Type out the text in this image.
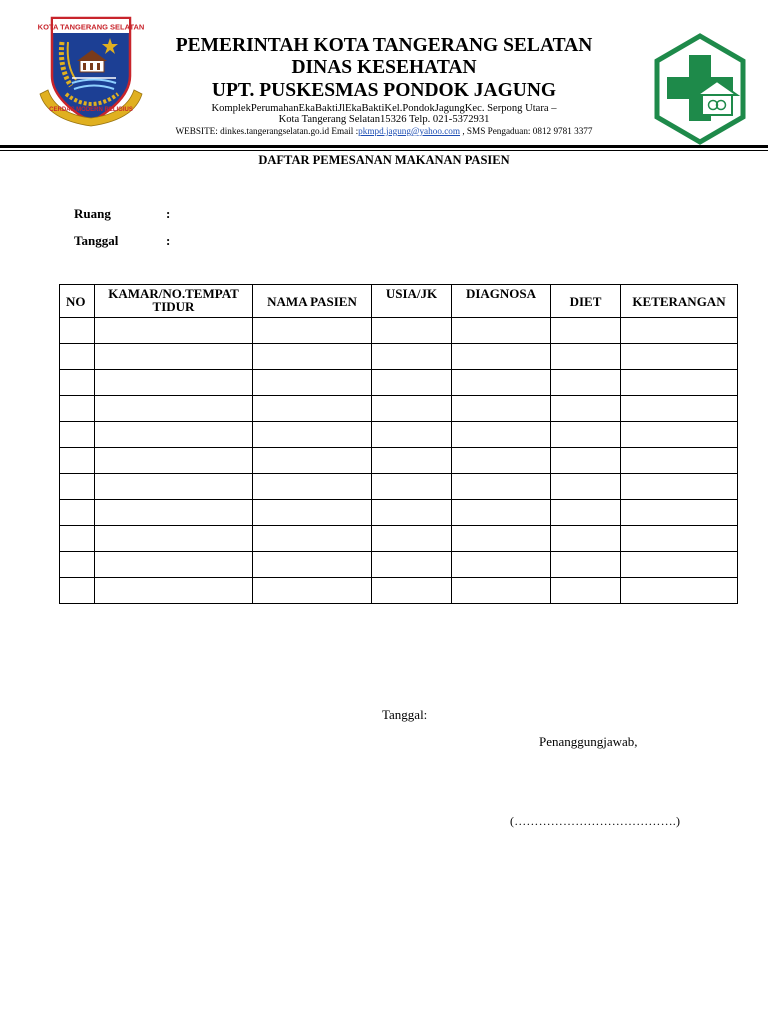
KOTA TANGERANG SELATAN
CERDAS MODERN RELIGIUS
PEMERINTAH KOTA TANGERANG SELATAN
DINAS KESEHATAN
UPT. PUSKESMAS PONDOK JAGUNG
KomplekPerumahanEkaBaktiJlEkaBaktiKel.PondokJagungKec. Serpong Utara –
Kota Tangerang Selatan15326 Telp. 021-5372931
WEBSITE: dinkes.tangerangselatan.go.id Email :pkmpd.jagung@yahoo.com , SMS Pengaduan: 0812 9781 3377
DAFTAR PEMESANAN MAKANAN PASIEN
Ruang	:
Tanggal	:
NO	KAMAR/NO.TEMPAT TIDUR	NAMA PASIEN	USIA/JK	DIAGNOSA	DIET	KETERANGAN

Tanggal:
Penanggungjawab,
(………………………………….)
